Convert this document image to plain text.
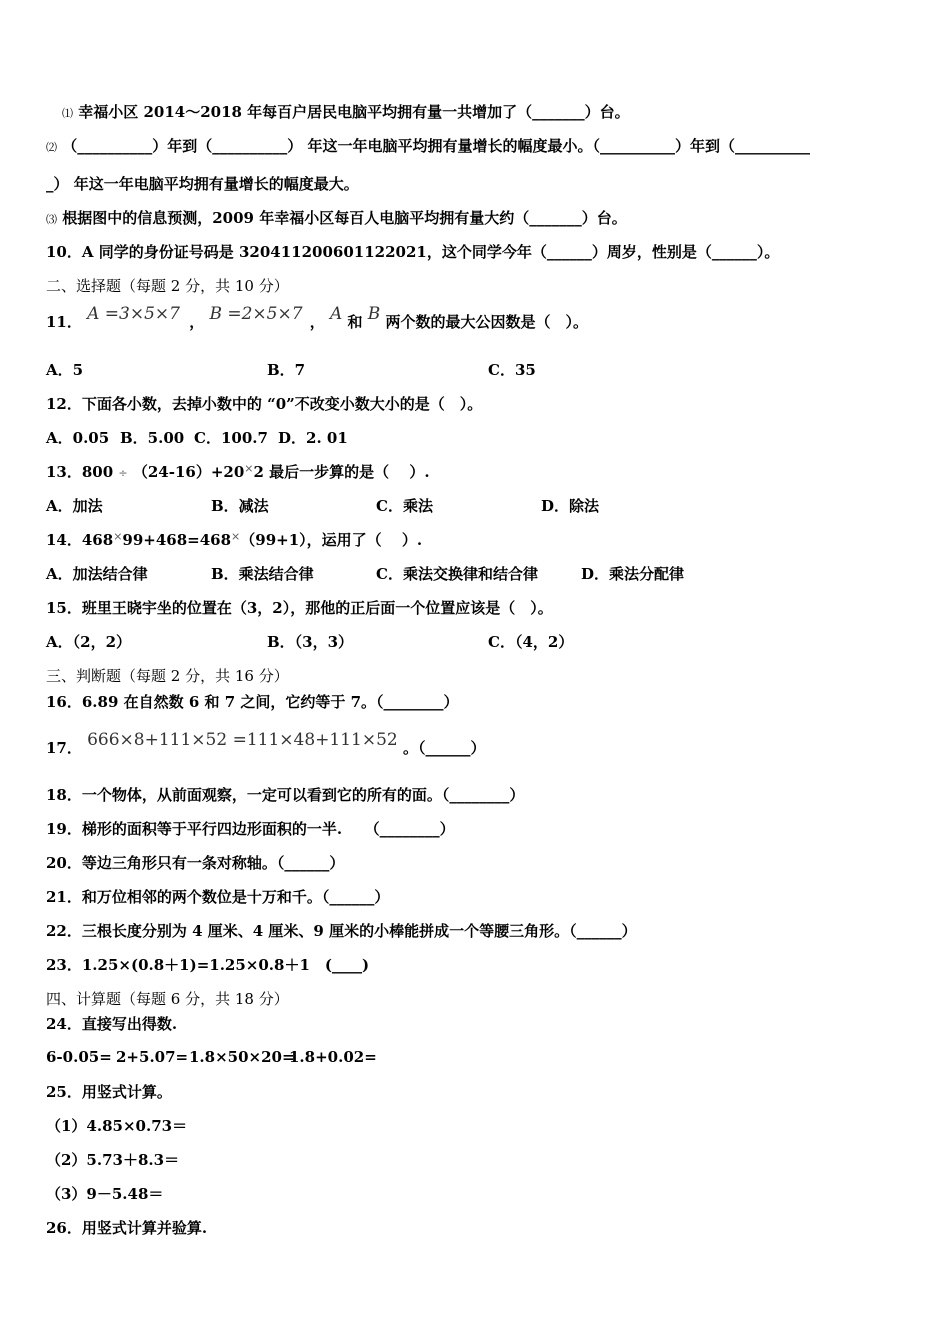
⑴ 幸福小区 2014～2018 年每百户居民电脑平均拥有量一共增加了（_______）台。
⑵ （__________）年到（__________） 年这一年电脑平均拥有量增长的幅度最小。（__________）年到（__________
_） 年这一年电脑平均拥有量增长的幅度最大。
⑶ 根据图中的信息预测，2009 年幸福小区每百人电脑平均拥有量大约（_______）台。
10．A 同学的身份证号码是 320411200601122021，这个同学今年（______）周岁，性别是（______）。
二、选择题（每题 2 分，共 10 分）
11． A =3×5×7 ， B =2×5×7 ， A 和 B 两个数的最大公因数是（　）。
A．5	B．7	C．35
12．下面各小数，去掉小数中的 “0”不改变小数大小的是（　）。
A．0.05 B．5.00 C．100.7 D．2. 01
13．800 ÷ （24-16）+20×2 最后一步算的是（　 ）.
A．加法	B．减法	C．乘法	D．除法
14．468×99+468=468×（99+1），运用了（　 ）.
A．加法结合律	B．乘法结合律	C．乘法交换律和结合律	D．乘法分配律
15．班里王晓宇坐的位置在（3，2），那他的正后面一个位置应该是（　）。
A．（2，2）	B．（3，3）	C．（4，2）
三、判断题（每题 2 分，共 16 分）
16．6.89 在自然数 6 和 7 之间，它约等于 7。（________）
17． 666×8+111×52 =111×48+111×52 。（______）
18．一个物体，从前面观察，一定可以看到它的所有的面。（________）
19．梯形的面积等于平行四边形面积的一半.　　（________）
20．等边三角形只有一条对称轴。（______）
21．和万位相邻的两个数位是十万和千。（______）
22．三根长度分别为 4 厘米、4 厘米、9 厘米的小棒能拼成一个等腰三角形。（______）
23．1.25×(0.8＋1)=1.25×0.8＋1　(____)
四、计算题（每题 6 分，共 18 分）
24．直接写出得数.
6-0.05= 2+5.07=1.8×50×20=1.8+0.02=
25．用竖式计算。
（1）4.85×0.73＝
（2）5.73＋8.3＝
（3）9－5.48＝
26．用竖式计算并验算.
